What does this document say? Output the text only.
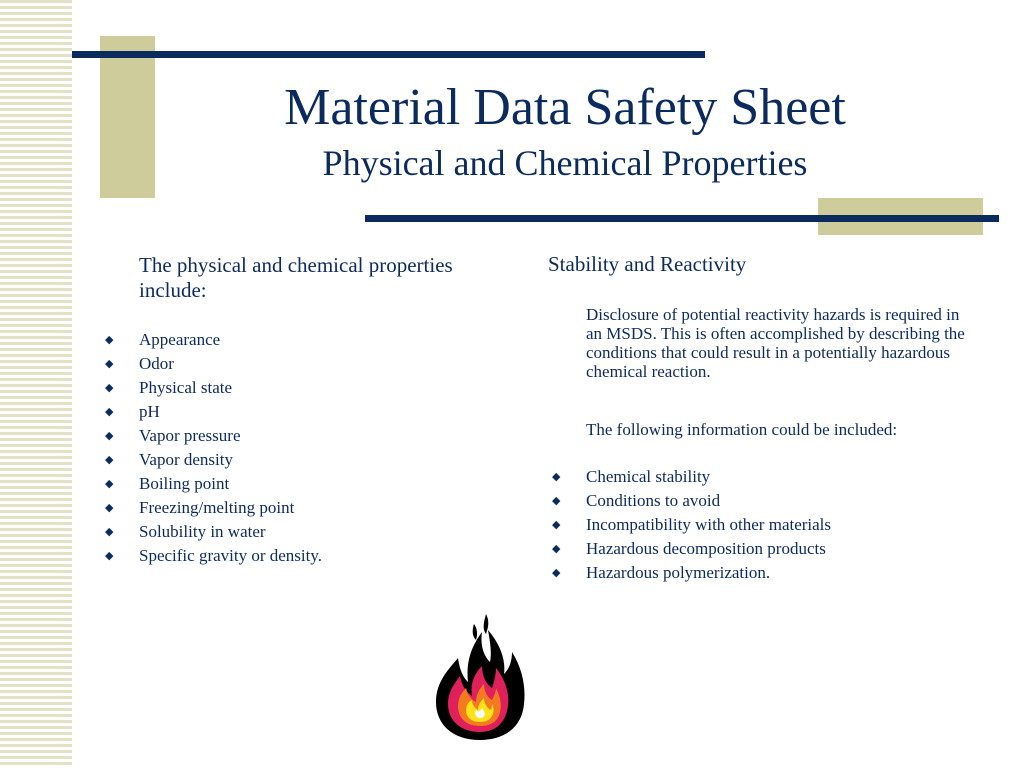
Material Data Safety Sheet
Physical and Chemical Properties
The physical and chemical properties include:
◆ Appearance
◆ Odor
◆ Physical state
◆ pH
◆ Vapor pressure
◆ Vapor density
◆ Boiling point
◆ Freezing/melting point
◆ Solubility in water
◆ Specific gravity or density.
Stability and Reactivity

Disclosure of potential reactivity hazards is required in an MSDS. This is often accomplished by describing the conditions that could result in a potentially hazardous chemical reaction.

The following information could be included:

◆ Chemical stability
◆ Conditions to avoid
◆ Incompatibility with other materials
◆ Hazardous decomposition products
◆ Hazardous polymerization.
